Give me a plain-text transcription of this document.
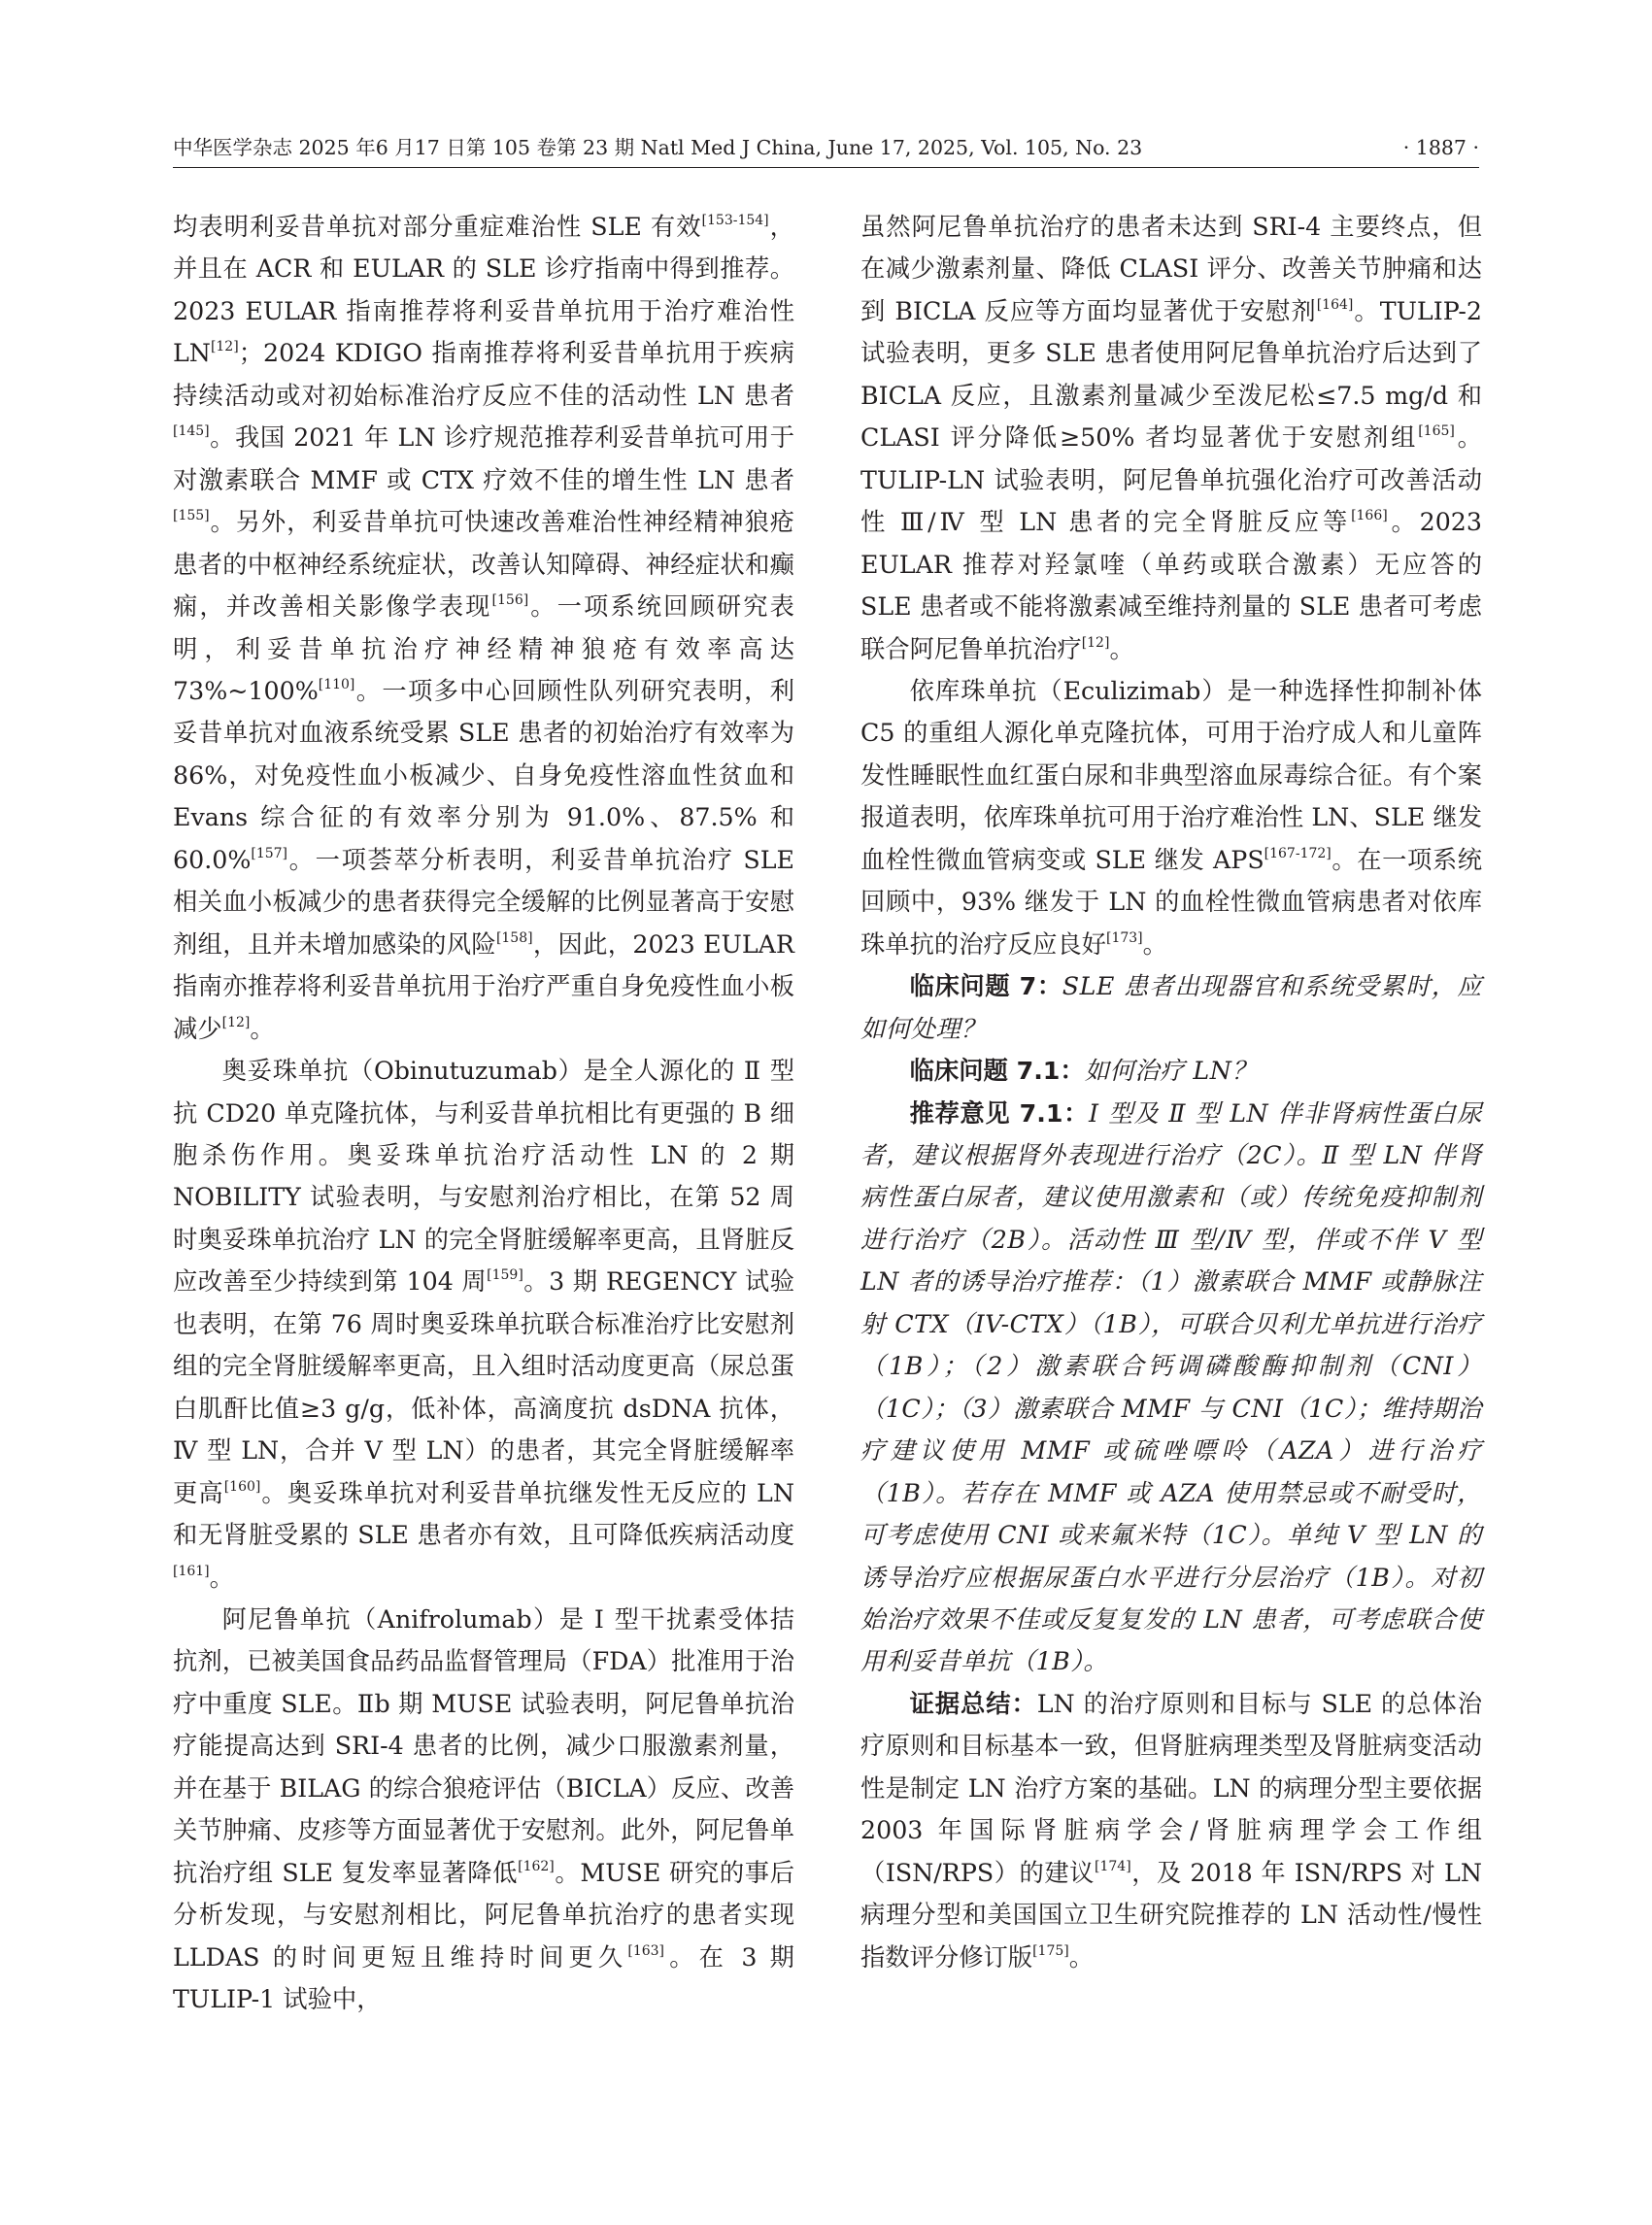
中华医学杂志 2025 年6 月17 日第 105 卷第 23 期 Natl Med J China, June 17, 2025, Vol. 105, No. 23	· 1887 ·

均表明利妥昔单抗对部分重症难治性 SLE 有效[153-154]，并且在 ACR 和 EULAR 的 SLE 诊疗指南中得到推荐。2023 EULAR 指南推荐将利妥昔单抗用于治疗难治性 LN[12]；2024 KDIGO 指南推荐将利妥昔单抗用于疾病持续活动或对初始标准治疗反应不佳的活动性 LN 患者[145]。我国 2021 年 LN 诊疗规范推荐利妥昔单抗可用于对激素联合 MMF 或 CTX 疗效不佳的增生性 LN 患者[155]。另外，利妥昔单抗可快速改善难治性神经精神狼疮患者的中枢神经系统症状，改善认知障碍、神经症状和癫痫，并改善相关影像学表现[156]。一项系统回顾研究表明，利妥昔单抗治疗神经精神狼疮有效率高达 73%~100%[110]。一项多中心回顾性队列研究表明，利妥昔单抗对血液系统受累 SLE 患者的初始治疗有效率为 86%，对免疫性血小板减少、自身免疫性溶血性贫血和 Evans 综合征的有效率分别为 91.0%、87.5% 和 60.0%[157]。一项荟萃分析表明，利妥昔单抗治疗 SLE 相关血小板减少的患者获得完全缓解的比例显著高于安慰剂组，且并未增加感染的风险[158]，因此，2023 EULAR 指南亦推荐将利妥昔单抗用于治疗严重自身免疫性血小板减少[12]。

奥妥珠单抗（Obinutuzumab）是全人源化的 Ⅱ 型抗 CD20 单克隆抗体，与利妥昔单抗相比有更强的 B 细胞杀伤作用。奥妥珠单抗治疗活动性 LN 的 2 期 NOBILITY 试验表明，与安慰剂治疗相比，在第 52 周时奥妥珠单抗治疗 LN 的完全肾脏缓解率更高，且肾脏反应改善至少持续到第 104 周[159]。3 期 REGENCY 试验也表明，在第 76 周时奥妥珠单抗联合标准治疗比安慰剂组的完全肾脏缓解率更高，且入组时活动度更高（尿总蛋白肌酐比值≥3 g/g，低补体，高滴度抗 dsDNA 抗体，Ⅳ 型 LN，合并 Ⅴ 型 LN）的患者，其完全肾脏缓解率更高[160]。奥妥珠单抗对利妥昔单抗继发性无反应的 LN 和无肾脏受累的 SLE 患者亦有效，且可降低疾病活动度[161]。

阿尼鲁单抗（Anifrolumab）是 Ⅰ 型干扰素受体拮抗剂，已被美国食品药品监督管理局（FDA）批准用于治疗中重度 SLE。Ⅱb 期 MUSE 试验表明，阿尼鲁单抗治疗能提高达到 SRI-4 患者的比例，减少口服激素剂量，并在基于 BILAG 的综合狼疮评估（BICLA）反应、改善关节肿痛、皮疹等方面显著优于安慰剂。此外，阿尼鲁单抗治疗组 SLE 复发率显著降低[162]。MUSE 研究的事后分析发现，与安慰剂相比，阿尼鲁单抗治疗的患者实现 LLDAS 的时间更短且维持时间更久[163]。在 3 期 TULIP-1 试验中，

虽然阿尼鲁单抗治疗的患者未达到 SRI-4 主要终点，但在减少激素剂量、降低 CLASI 评分、改善关节肿痛和达到 BICLA 反应等方面均显著优于安慰剂[164]。TULIP-2 试验表明，更多 SLE 患者使用阿尼鲁单抗治疗后达到了 BICLA 反应，且激素剂量减少至泼尼松≤7.5 mg/d 和 CLASI 评分降低≥50% 者均显著优于安慰剂组[165]。TULIP-LN 试验表明，阿尼鲁单抗强化治疗可改善活动性 Ⅲ/Ⅳ 型 LN 患者的完全肾脏反应等[166]。2023 EULAR 推荐对羟氯喹（单药或联合激素）无应答的 SLE 患者或不能将激素减至维持剂量的 SLE 患者可考虑联合阿尼鲁单抗治疗[12]。

依库珠单抗（Eculizimab）是一种选择性抑制补体 C5 的重组人源化单克隆抗体，可用于治疗成人和儿童阵发性睡眠性血红蛋白尿和非典型溶血尿毒综合征。有个案报道表明，依库珠单抗可用于治疗难治性 LN、SLE 继发血栓性微血管病变或 SLE 继发 APS[167-172]。在一项系统回顾中，93% 继发于 LN 的血栓性微血管病患者对依库珠单抗的治疗反应良好[173]。

临床问题 7：SLE 患者出现器官和系统受累时，应如何处理？

临床问题 7.1：如何治疗 LN？

推荐意见 7.1：Ⅰ 型及 Ⅱ 型 LN 伴非肾病性蛋白尿者，建议根据肾外表现进行治疗（2C）。Ⅱ 型 LN 伴肾病性蛋白尿者，建议使用激素和（或）传统免疫抑制剂进行治疗（2B）。活动性 Ⅲ 型/Ⅳ 型，伴或不伴 Ⅴ 型 LN 者的诱导治疗推荐：（1）激素联合 MMF 或静脉注射 CTX（IV-CTX）（1B），可联合贝利尤单抗进行治疗（1B）；（2）激素联合钙调磷酸酶抑制剂（CNI）（1C）；（3）激素联合 MMF 与 CNI（1C）；维持期治疗建议使用 MMF 或硫唑嘌呤（AZA）进行治疗（1B）。若存在 MMF 或 AZA 使用禁忌或不耐受时，可考虑使用 CNI 或来氟米特（1C）。单纯 Ⅴ 型 LN 的诱导治疗应根据尿蛋白水平进行分层治疗（1B）。对初始治疗效果不佳或反复复发的 LN 患者，可考虑联合使用利妥昔单抗（1B）。

证据总结：LN 的治疗原则和目标与 SLE 的总体治疗原则和目标基本一致，但肾脏病理类型及肾脏病变活动性是制定 LN 治疗方案的基础。LN 的病理分型主要依据 2003 年国际肾脏病学会/肾脏病理学会工作组（ISN/RPS）的建议[174]，及 2018 年 ISN/RPS 对 LN 病理分型和美国国立卫生研究院推荐的 LN 活动性/慢性指数评分修订版[175]。
